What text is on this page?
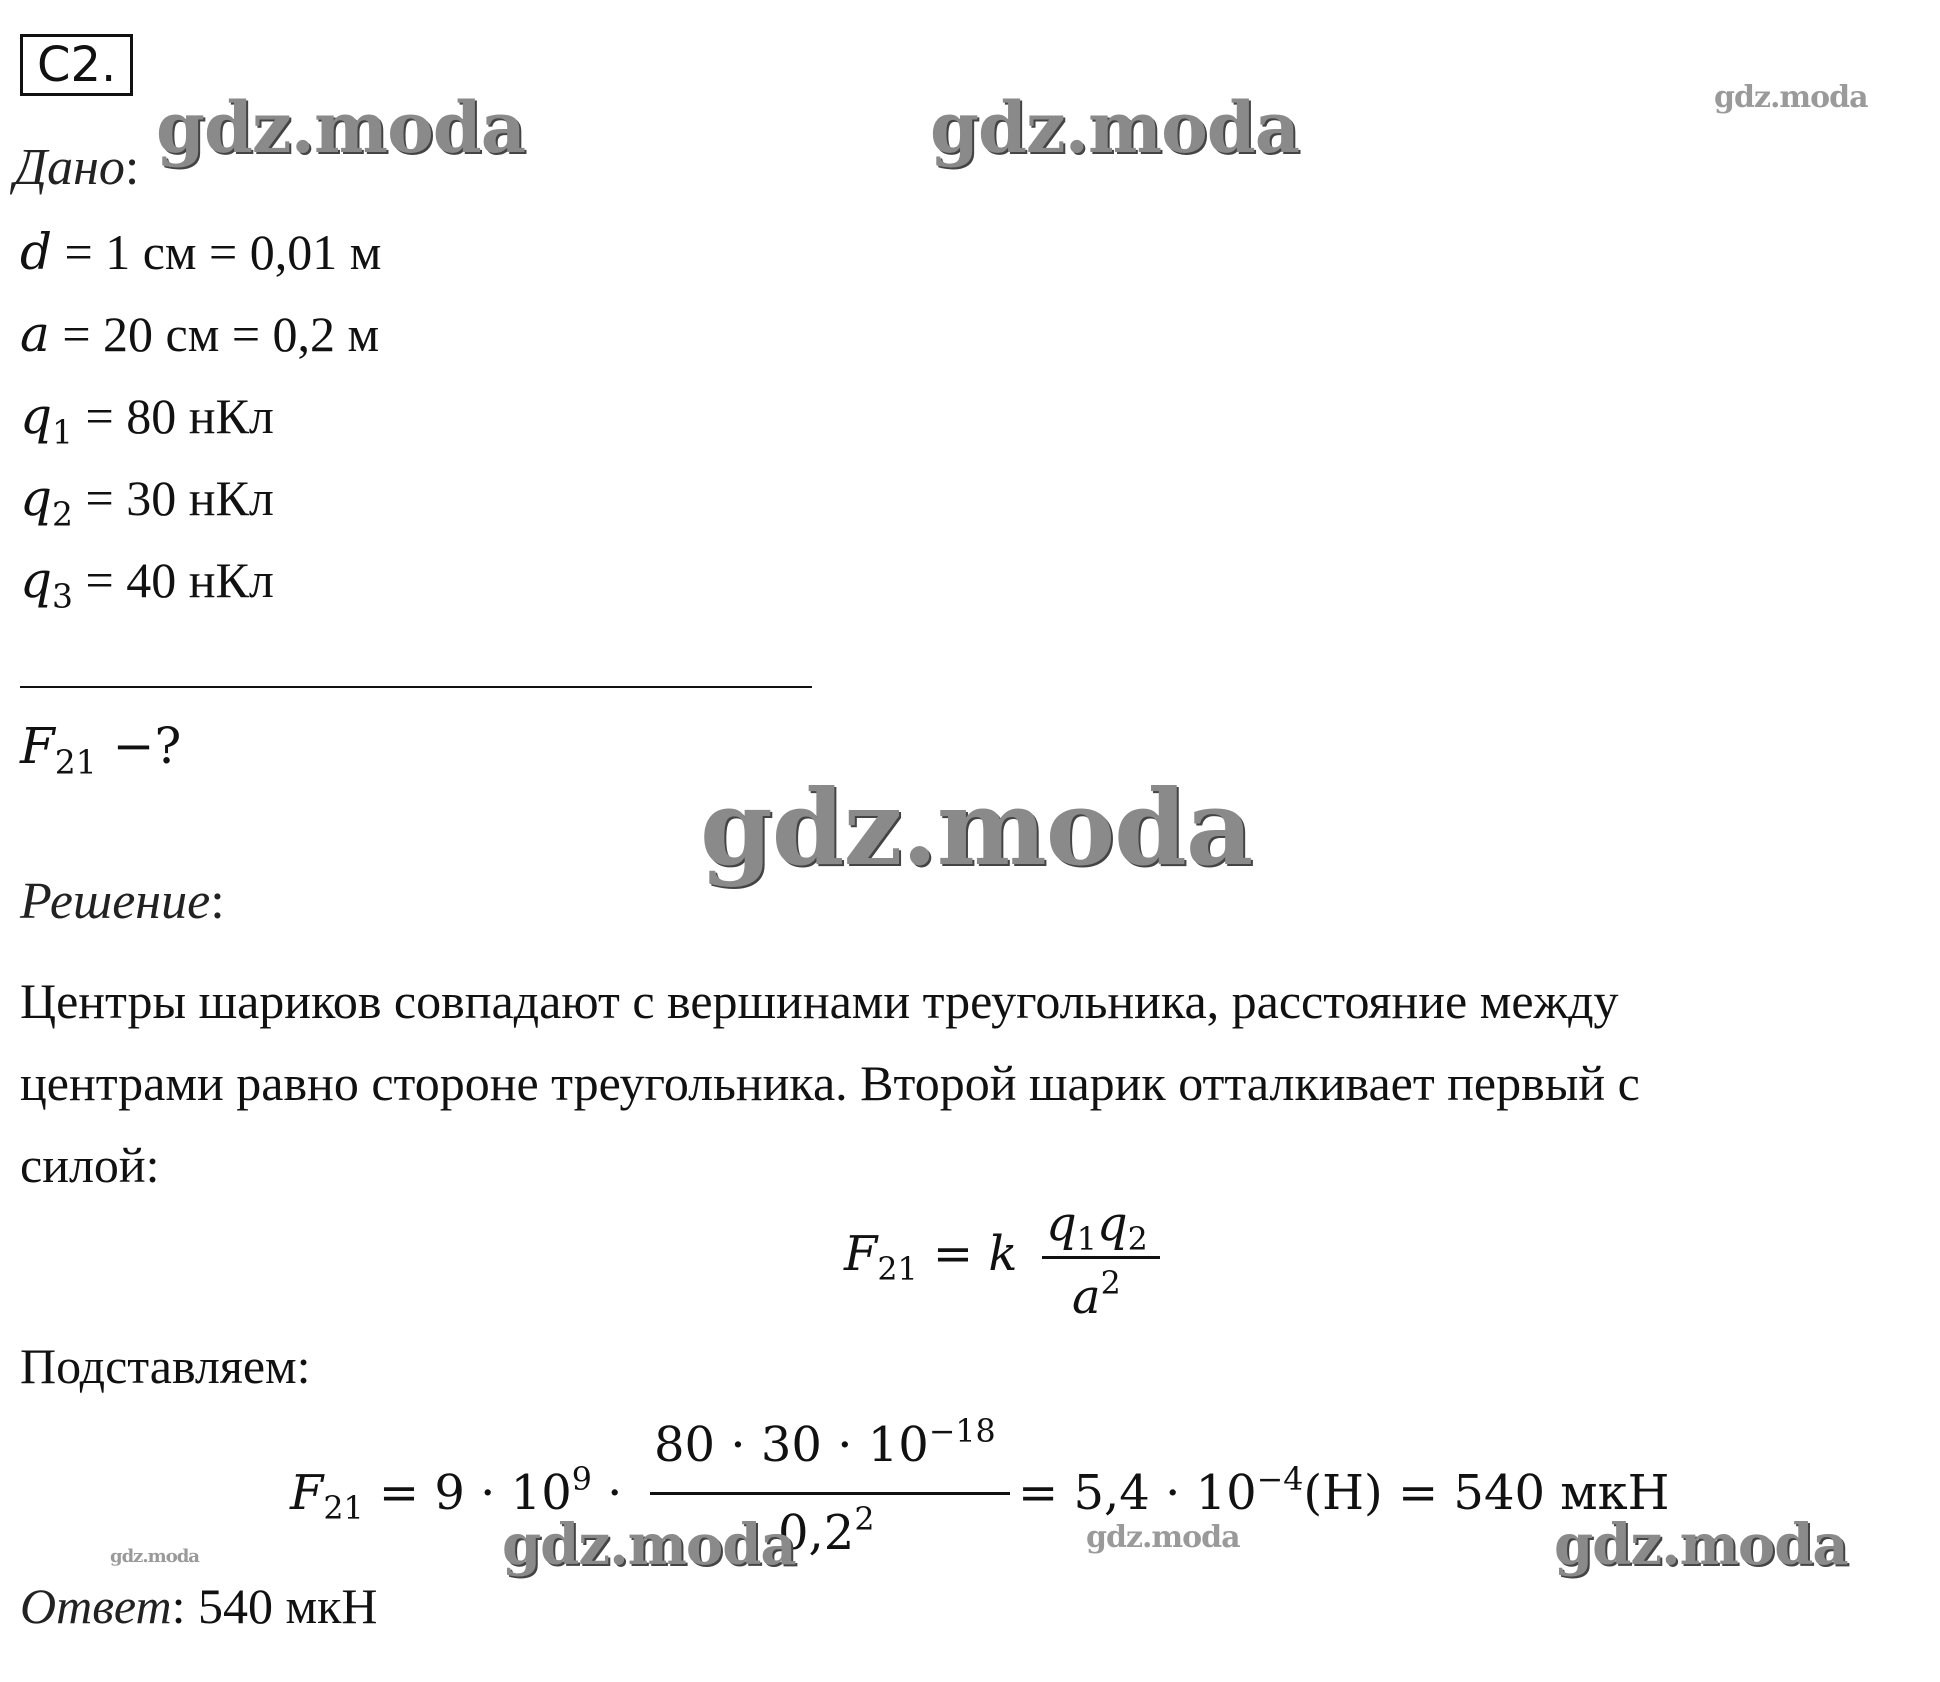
C2.
Дано:
d = 1 см = 0,01 м
a = 20 см = 0,2 м
$q_1 = 80$ нКл
$q_2 = 30$ нКл
$q_3 = 40$ нКл
$F_{21}$ −?
Решение:
Центры шариков совпадают с вершинами треугольника, расстояние между
центрами равно стороне треугольника. Второй шарик отталкивает первый с
силой:
$F_{21} = k$
$q_1q_2$
$a^2$
Подставляем:
$F_{21} = 9 \cdot 10^9$ ·
$80 \cdot 30 \cdot 10^{-18}$
$0,2^2$	= $5,4 \cdot 10^{-4}(Н) = 540$ мкН
Ответ: 540 мкН
gdz.moda	gdz.moda	gdz.moda
gdz.moda
gdz.moda
gdz.moda
gdz.moda	gdz.moda
